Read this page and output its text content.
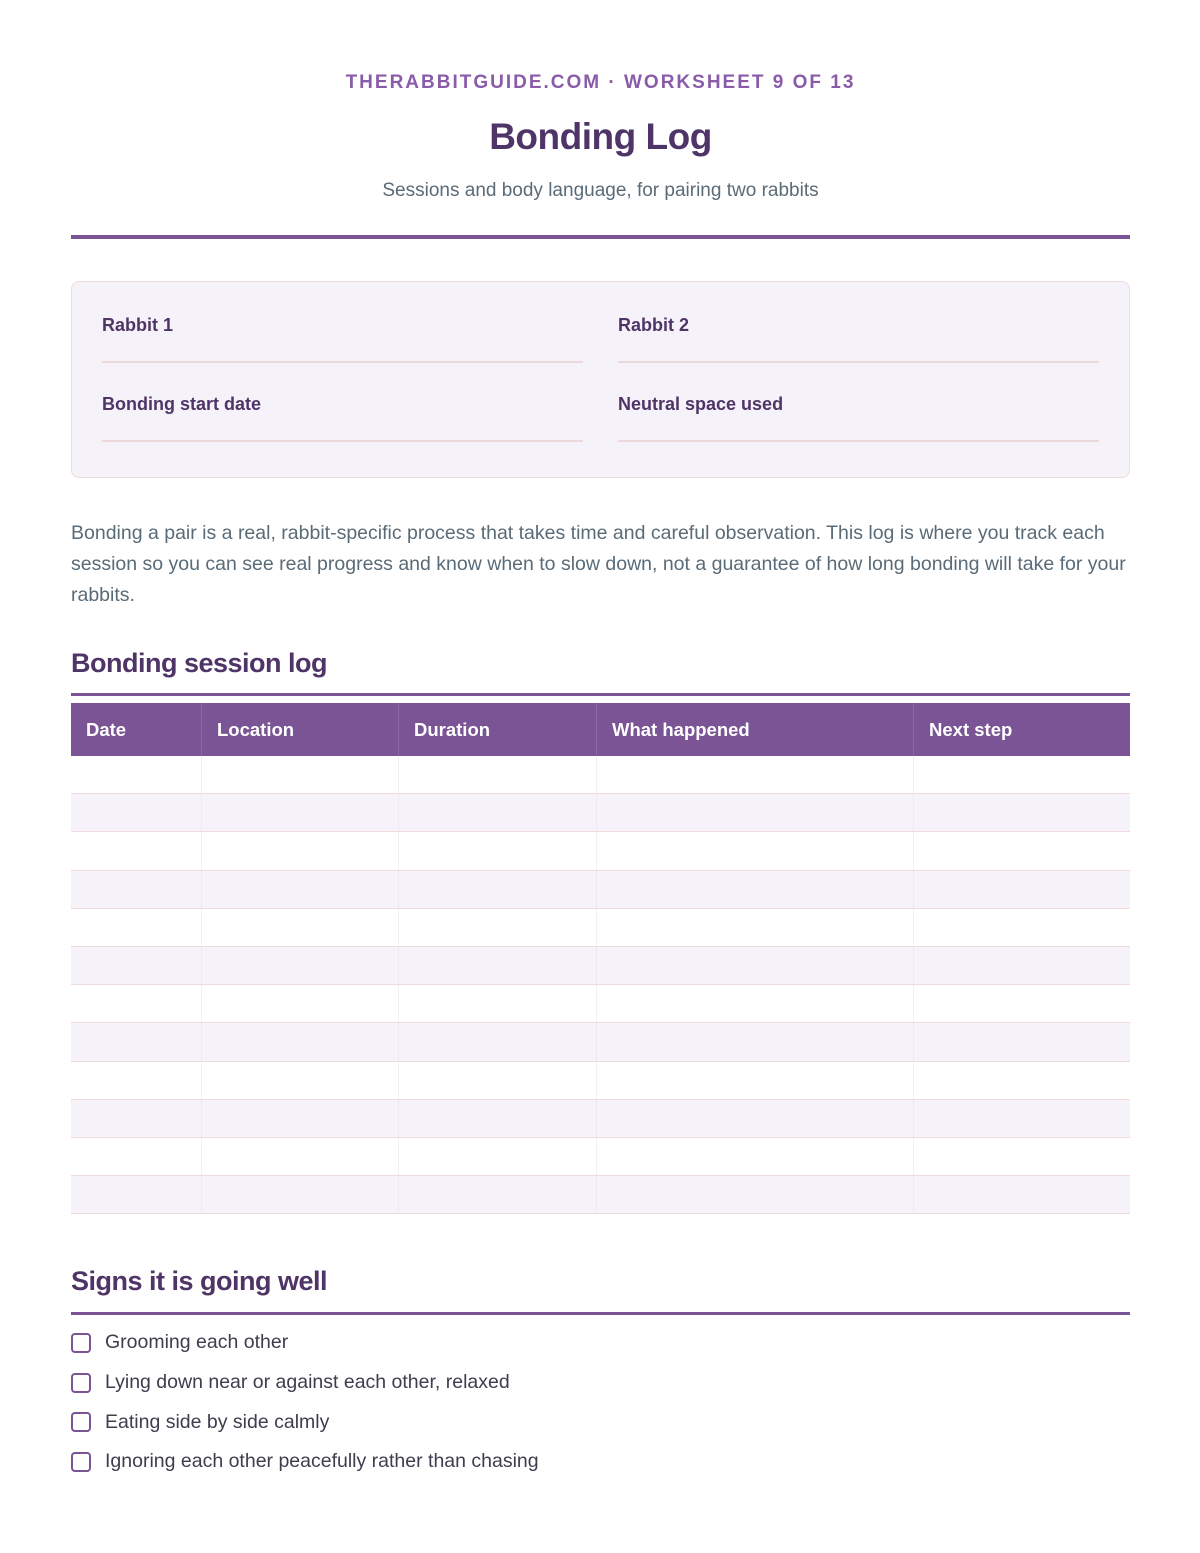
THERABBITGUIDE.COM · WORKSHEET 9 OF 13
Bonding Log
Sessions and body language, for pairing two rabbits
Rabbit 1	Rabbit 2
Bonding start date	Neutral space used

Bonding a pair is a real, rabbit-specific process that takes time and careful observation. This log is where you track each session so you can see real progress and know when to slow down, not a guarantee of how long bonding will take for your rabbits.

Bonding session log
Date	Location	Duration	What happened	Next step
Signs it is going well
Grooming each other
Lying down near or against each other, relaxed
Eating side by side calmly
Ignoring each other peacefully rather than chasing
